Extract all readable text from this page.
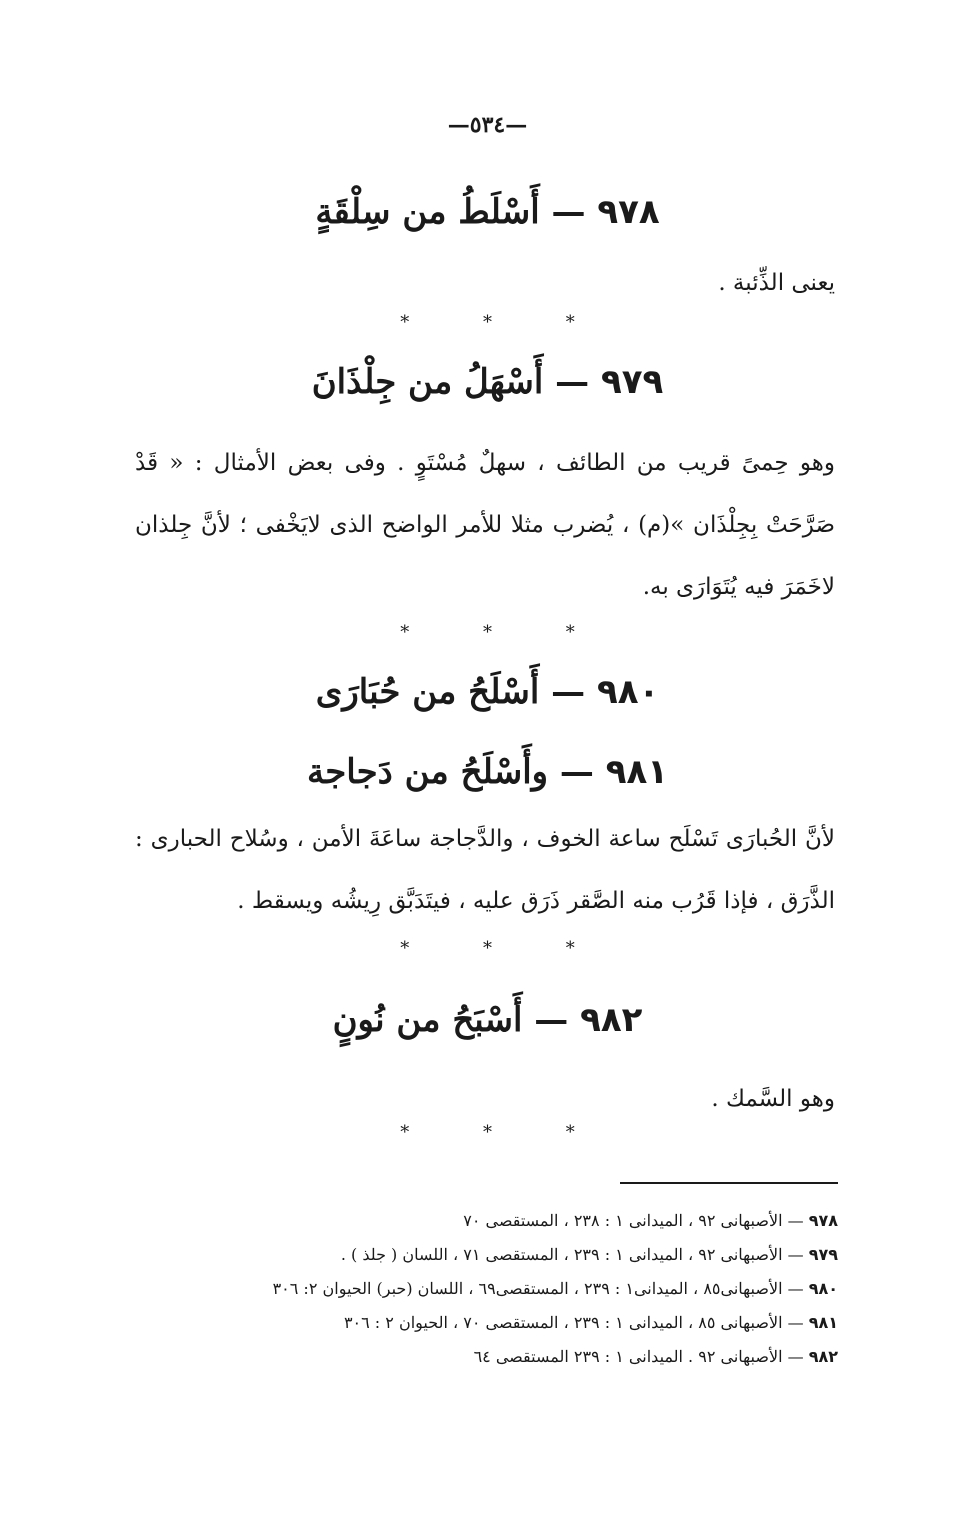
—٥٣٤—
٩٧٨ — أَسْلَطُ من سِلْقَةٍ
يعنى الذِّئبة .
* * *
٩٧٩ — أَسْهَلُ من جِلْذَانَ
وهو حِمىً قريب من الطائف ، سهلٌ مُسْتَوٍ . وفى بعض الأمثال : « قَدْ صَرَّحَتْ بِجِلْذَان »(م) ، يُضرب مثلا للأمر الواضح الذى لايَخْفى ؛ لأنَّ جِلذان لاخَمَرَ فيه يُتَوَارَى به.
* * *
٩٨٠ — أَسْلَحُ من حُبَارَى
٩٨١ — وأَسْلَحُ من دَجاجة
لأنَّ الحُبارَى تَسْلَح ساعة الخوف ، والدَّجاجة ساعَةَ الأمن ، وسُلاح الحبارى : الذَّرَق ، فإذا قَرُب منه الصَّقر ذَرَق عليه ، فيتَدَبَّق رِيشُه ويسقط .
* * *
٩٨٢ — أَسْبَحُ من نُونٍ
وهو السَّمك .
* * *
٩٧٨ — الأصبهانى ٩٢ ، الميدانى ١ : ٢٣٨ ، المستقصى ٧٠
٩٧٩ — الأصبهانى ٩٢ ، الميدانى ١ : ٢٣٩ ، المستقصى ٧١ ، اللسان ( جلذ ) .
٩٨٠ — الأصبهانى٨٥ ، الميدانى١ : ٢٣٩ ، المستقصى٦٩ ، اللسان (حبر) الحيوان ٢: ٣٠٦
٩٨١ — الأصبهانى ٨٥ ، الميدانى ١ : ٢٣٩ ، المستقصى ٧٠ ، الحيوان ٢ : ٣٠٦
٩٨٢ — الأصبهانى ٩٢ . الميدانى ١ : ٢٣٩ المستقصى ٦٤
